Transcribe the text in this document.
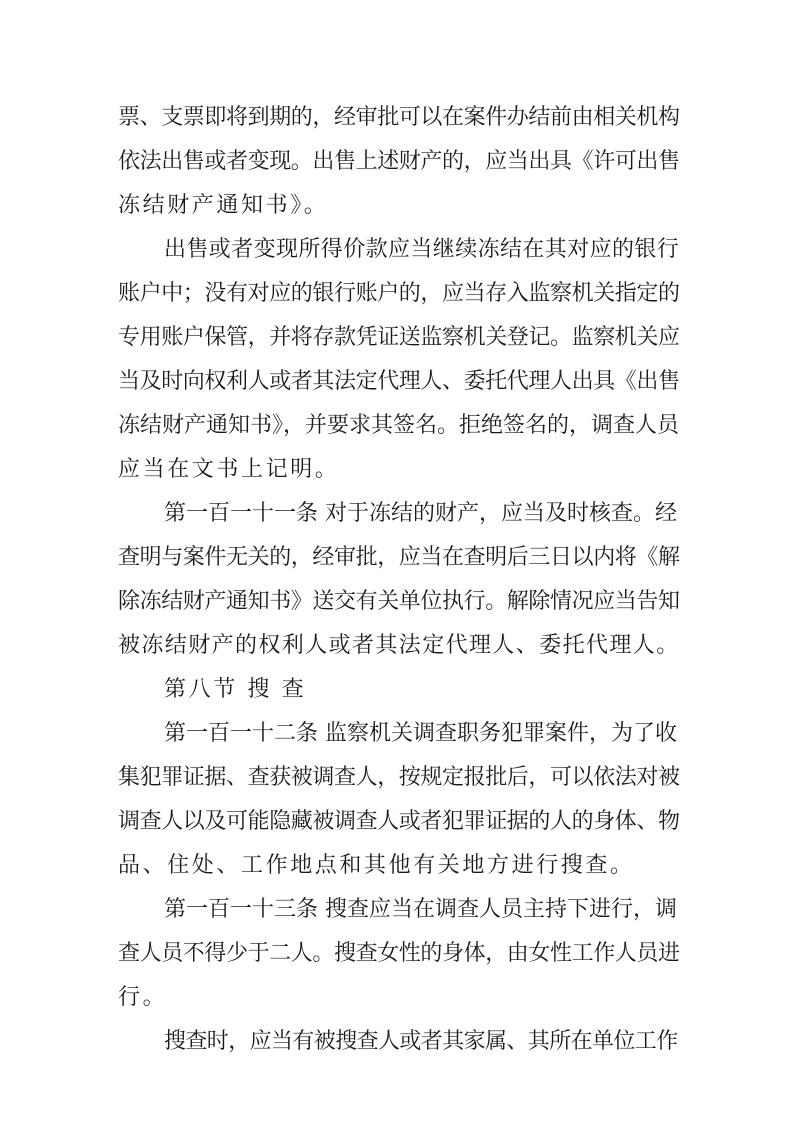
票、支票即将到期的，经审批可以在案件办结前由相关机构
依法出售或者变现。出售上述财产的，应当出具《许可出售
冻结财产通知书》。
出售或者变现所得价款应当继续冻结在其对应的银行
账户中；没有对应的银行账户的，应当存入监察机关指定的
专用账户保管，并将存款凭证送监察机关登记。监察机关应
当及时向权利人或者其法定代理人、委托代理人出具《出售
冻结财产通知书》，并要求其签名。拒绝签名的，调查人员
应当在文书上记明。
第一百一十一条 对于冻结的财产，应当及时核查。经
查明与案件无关的，经审批，应当在查明后三日以内将《解
除冻结财产通知书》送交有关单位执行。解除情况应当告知
被冻结财产的权利人或者其法定代理人、委托代理人。
第八节 搜 查
第一百一十二条 监察机关调查职务犯罪案件，为了收
集犯罪证据、查获被调查人，按规定报批后，可以依法对被
调查人以及可能隐藏被调查人或者犯罪证据的人的身体、物
品、住处、工作地点和其他有关地方进行搜查。
第一百一十三条 搜查应当在调查人员主持下进行，调
查人员不得少于二人。搜查女性的身体，由女性工作人员进
行。
搜查时，应当有被搜查人或者其家属、其所在单位工作
